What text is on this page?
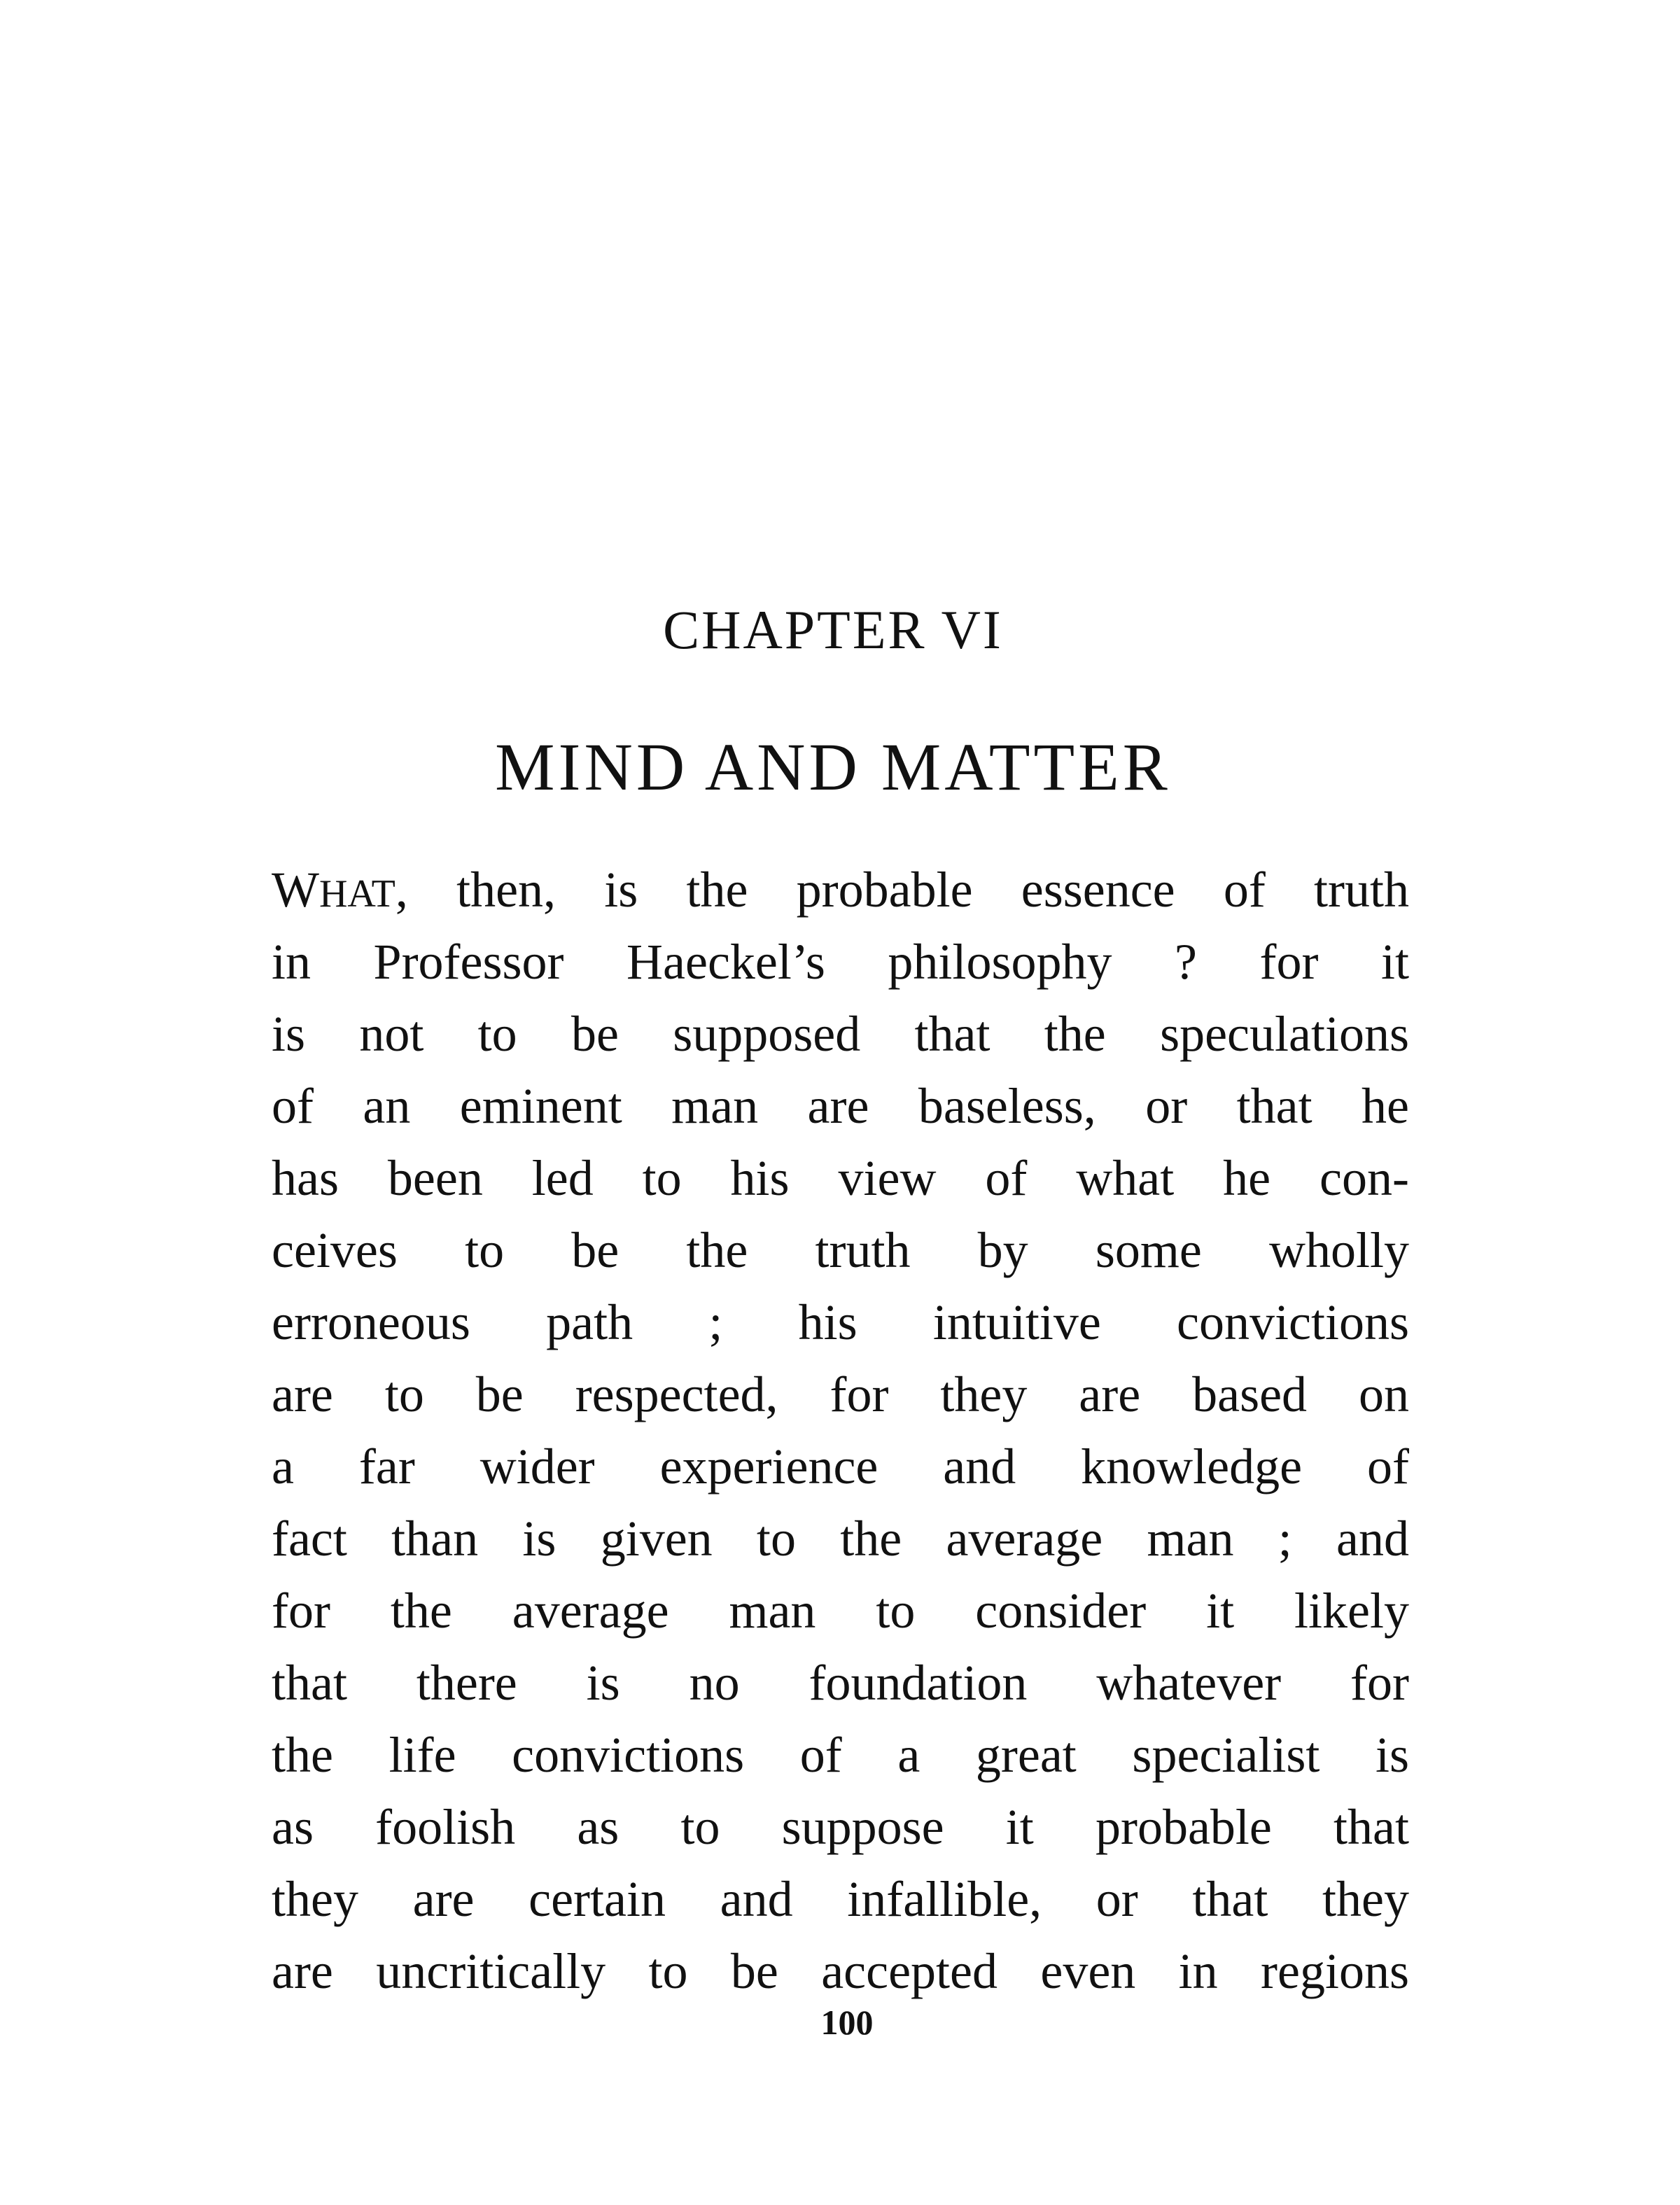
CHAPTER VI
MIND AND MATTER
WHAT, then, is the probable essence of truth
in Professor Haeckel’s philosophy ? for it
is not to be supposed that the speculations
of an eminent man are baseless, or that he
has been led to his view of what he con-
ceives to be the truth by some wholly
erroneous path ; his intuitive convictions
are to be respected, for they are based on
a far wider experience and knowledge of
fact than is given to the average man ; and
for the average man to consider it likely
that there is no foundation whatever for
the life convictions of a great specialist is
as foolish as to suppose it probable that
they are certain and infallible, or that they
are uncritically to be accepted even in regions
100
